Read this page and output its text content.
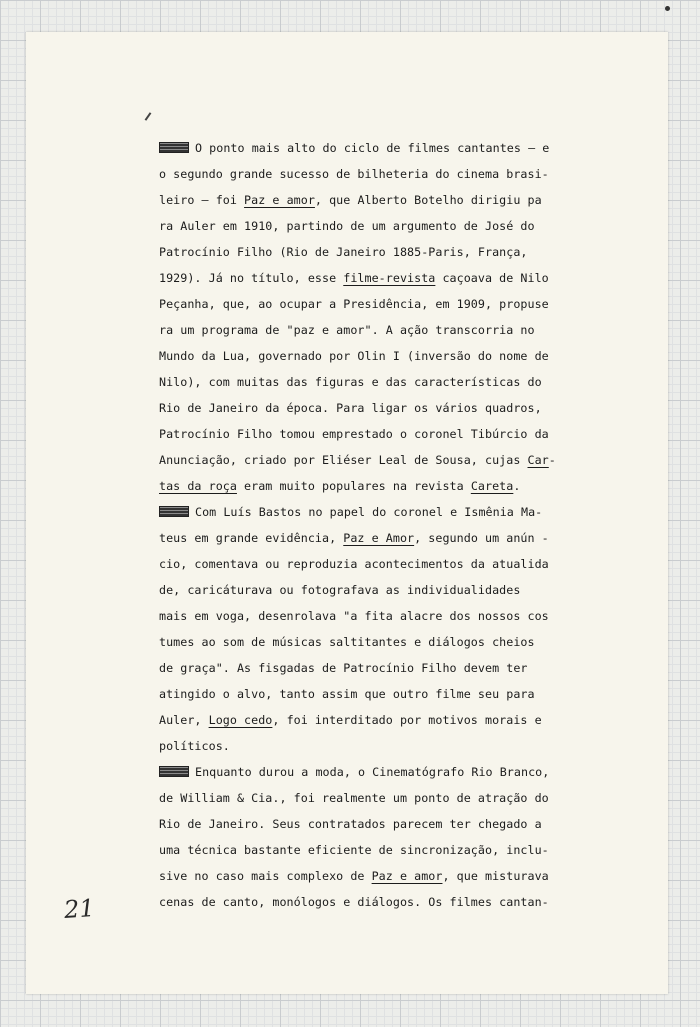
O ponto mais alto do ciclo de filmes cantantes — e
o segundo grande sucesso de bilheteria do cinema brasi-
leiro — foi Paz e amor, que Alberto Botelho dirigiu pa
ra Auler em 1910, partindo de um argumento de José do
Patrocínio Filho (Rio de Janeiro 1885-Paris, França,
1929). Já no título, esse filme-revista caçoava de Nilo
Peçanha, que, ao ocupar a Presidência, em 1909, propuse
ra um programa de "paz e amor". A ação transcorria no
Mundo da Lua, governado por Olin I (inversão do nome de
Nilo), com muitas das figuras e das características do
Rio de Janeiro da época. Para ligar os vários quadros,
Patrocínio Filho tomou emprestado o coronel Tibúrcio da
Anunciação, criado por Eliéser Leal de Sousa, cujas Car-
tas da roça eram muito populares na revista Careta.
Com Luís Bastos no papel do coronel e Ismênia Ma-
teus em grande evidência, Paz e Amor, segundo um anún -
cio, comentava ou reproduzia acontecimentos da atualida
de, caricáturava ou fotografava as individualidades
mais em voga, desenrolava "a fita alacre dos nossos cos
tumes ao som de músicas saltitantes e diálogos cheios
de graça". As fisgadas de Patrocínio Filho devem ter
atingido o alvo, tanto assim que outro filme seu para
Auler, Logo cedo, foi interditado por motivos morais e
políticos.
Enquanto durou a moda, o Cinematógrafo Rio Branco,
de William & Cia., foi realmente um ponto de atração do
Rio de Janeiro. Seus contratados parecem ter chegado a
uma técnica bastante eficiente de sincronização, inclu-
sive no caso mais complexo de Paz e amor, que misturava
cenas de canto, monólogos e diálogos. Os filmes cantan-
21
